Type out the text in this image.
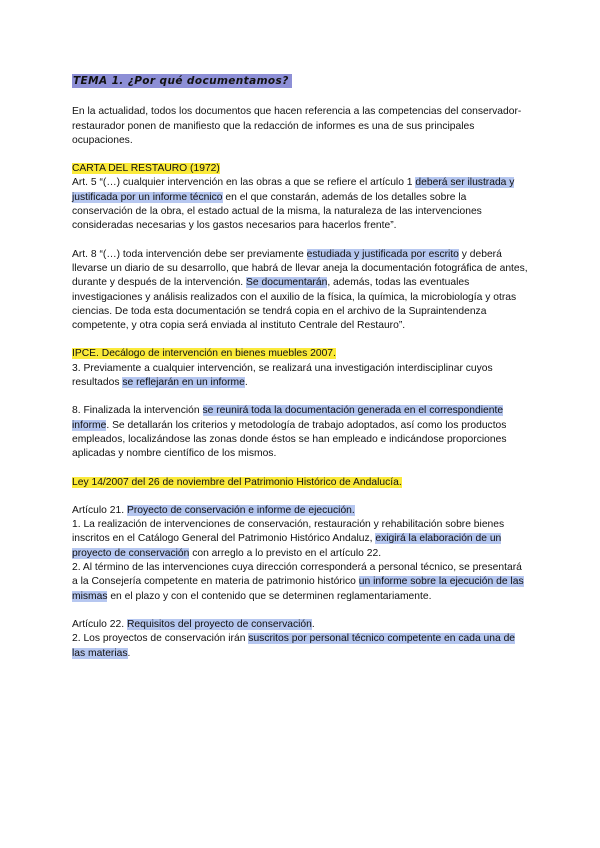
TEMA 1. ¿Por qué documentamos?

En la actualidad, todos los documentos que hacen referencia a las competencias del conservador-restaurador ponen de manifiesto que la redacción de informes es una de sus principales ocupaciones.

CARTA DEL RESTAURO (1972)

Art. 5 “(…) cualquier intervención en las obras a que se refiere el artículo 1 deberá ser ilustrada y justificada por un informe técnico en el que constarán, además de los detalles sobre la conservación de la obra, el estado actual de la misma, la naturaleza de las intervenciones consideradas necesarias y los gastos necesarios para hacerlos frente”.

Art. 8 “(…) toda intervención debe ser previamente estudiada y justificada por escrito y deberá llevarse un diario de su desarrollo, que habrá de llevar aneja la documentación fotográfica de antes, durante y después de la intervención. Se documentarán, además, todas las eventuales investigaciones y análisis realizados con el auxilio de la física, la química, la microbiología y otras ciencias. De toda esta documentación se tendrá copia en el archivo de la Supraintendenza competente, y otra copia será enviada al instituto Centrale del Restauro”.

IPCE. Decálogo de intervención en bienes muebles 2007.

3. Previamente a cualquier intervención, se realizará una investigación interdisciplinar cuyos resultados se reflejarán en un informe.

8. Finalizada la intervención se reunirá toda la documentación generada en el correspondiente informe. Se detallarán los criterios y metodología de trabajo adoptados, así como los productos empleados, localizándose las zonas donde éstos se han empleado e indicándose proporciones aplicadas y nombre científico de los mismos.

Ley 14/2007 del 26 de noviembre del Patrimonio Histórico de Andalucía.

Artículo 21. Proyecto de conservación e informe de ejecución.

1. La realización de intervenciones de conservación, restauración y rehabilitación sobre bienes inscritos en el Catálogo General del Patrimonio Histórico Andaluz, exigirá la elaboración de un proyecto de conservación con arreglo a lo previsto en el artículo 22.

2. Al término de las intervenciones cuya dirección corresponderá a personal técnico, se presentará a la Consejería competente en materia de patrimonio histórico un informe sobre la ejecución de las mismas en el plazo y con el contenido que se determinen reglamentariamente.

Artículo 22. Requisitos del proyecto de conservación.

2. Los proyectos de conservación irán suscritos por personal técnico competente en cada una de las materias.
